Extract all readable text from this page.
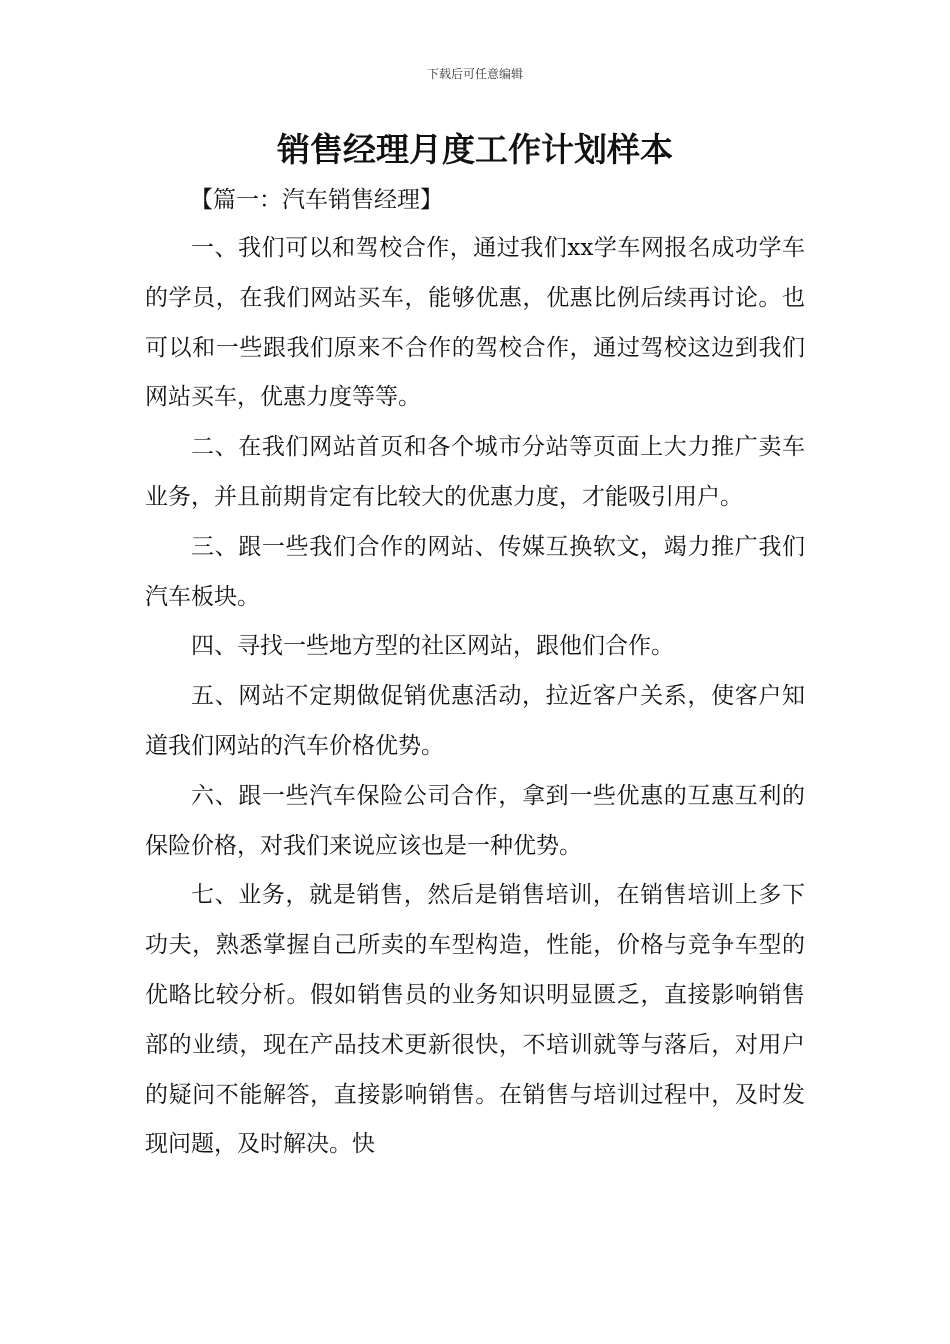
下载后可任意编辑
销售经理月度工作计划样本
【篇一：汽车销售经理】

一、我们可以和驾校合作，通过我们xx学车网报名成功学车的学员，在我们网站买车，能够优惠，优惠比例后续再讨论。也可以和一些跟我们原来不合作的驾校合作，通过驾校这边到我们网站买车，优惠力度等等。

二、在我们网站首页和各个城市分站等页面上大力推广卖车业务，并且前期肯定有比较大的优惠力度，才能吸引用户。

三、跟一些我们合作的网站、传媒互换软文，竭力推广我们汽车板块。

四、寻找一些地方型的社区网站，跟他们合作。

五、网站不定期做促销优惠活动，拉近客户关系，使客户知道我们网站的汽车价格优势。

六、跟一些汽车保险公司合作，拿到一些优惠的互惠互利的保险价格，对我们来说应该也是一种优势。

七、业务，就是销售，然后是销售培训，在销售培训上多下功夫，熟悉掌握自己所卖的车型构造，性能，价格与竞争车型的优略比较分析。假如销售员的业务知识明显匮乏，直接影响销售部的业绩，现在产品技术更新很快，不培训就等与落后，对用户的疑问不能解答，直接影响销售。在销售与培训过程中，及时发现问题，及时解决。快
